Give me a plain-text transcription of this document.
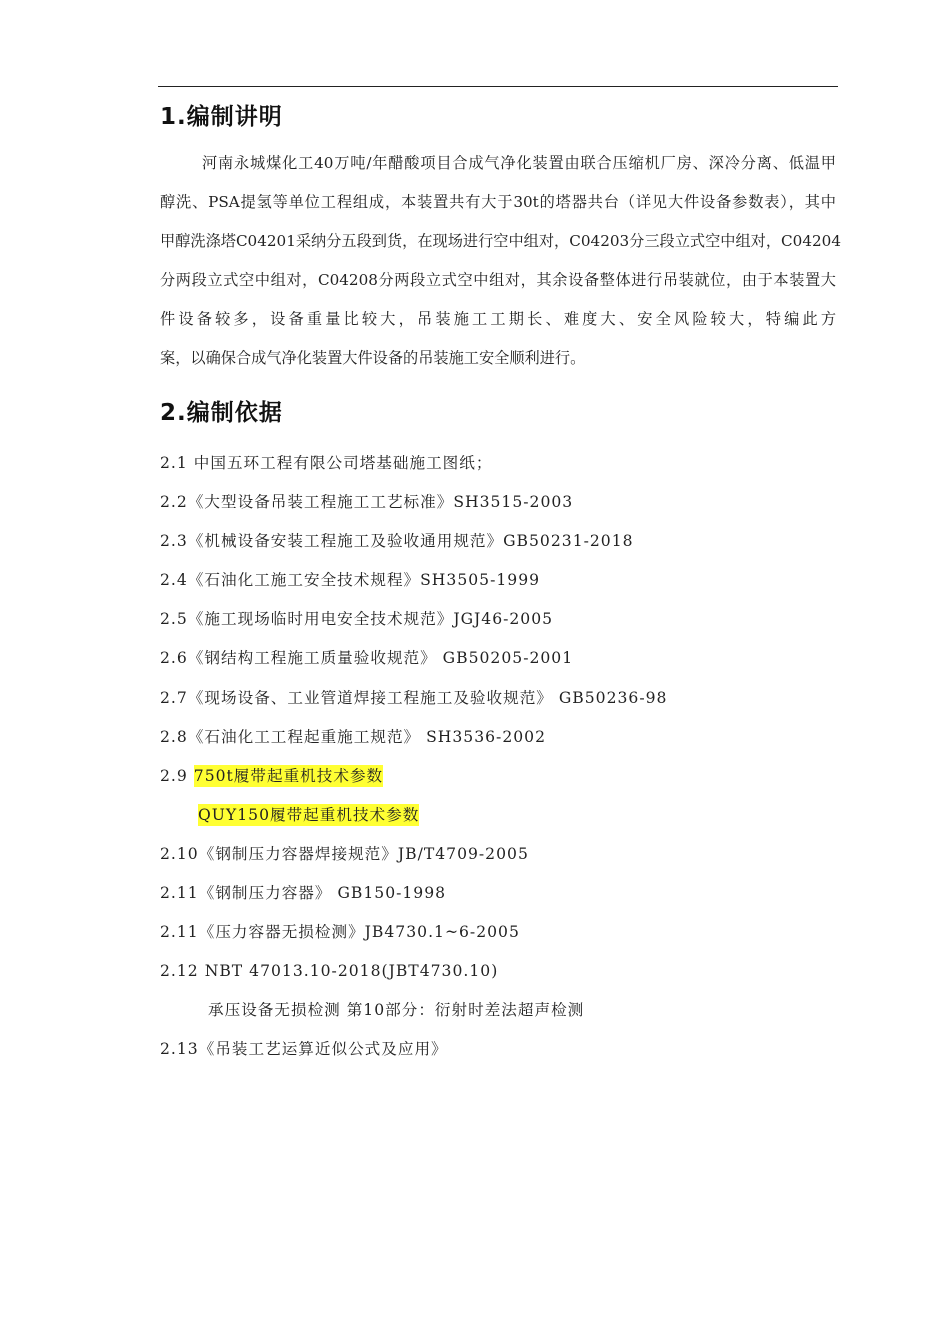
1.编制讲明
河南永城煤化工40万吨/年醋酸项目合成气净化装置由联合压缩机厂房、深冷分离、低温甲
醇洗、PSA提氢等单位工程组成，本装置共有大于30t的塔器共台（详见大件设备参数表），其中
甲醇洗涤塔C04201采纳分五段到货，在现场进行空中组对，C04203分三段立式空中组对，C04204
分两段立式空中组对，C04208分两段立式空中组对，其余设备整体进行吊装就位，由于本装置大
件设备较多，设备重量比较大，吊装施工工期长、难度大、安全风险较大，特编此方
案，以确保合成气净化装置大件设备的吊装施工安全顺利进行。
2.编制依据
2.1 中国五环工程有限公司塔基础施工图纸；
2.2《大型设备吊装工程施工工艺标准》SH3515-2003
2.3《机械设备安装工程施工及验收通用规范》GB50231-2018
2.4《石油化工施工安全技术规程》SH3505-1999
2.5《施工现场临时用电安全技术规范》JGJ46-2005
2.6《钢结构工程施工质量验收规范》 GB50205-2001
2.7《现场设备、工业管道焊接工程施工及验收规范》 GB50236-98
2.8《石油化工工程起重施工规范》 SH3536-2002
2.9 750t履带起重机技术参数
QUY150履带起重机技术参数
2.10《钢制压力容器焊接规范》JB/T4709-2005
2.11《钢制压力容器》 GB150-1998
2.11《压力容器无损检测》JB4730.1~6-2005
2.12 NBT 47013.10-2018(JBT4730.10)
承压设备无损检测 第10部分：衍射时差法超声检测
2.13《吊装工艺运算近似公式及应用》
